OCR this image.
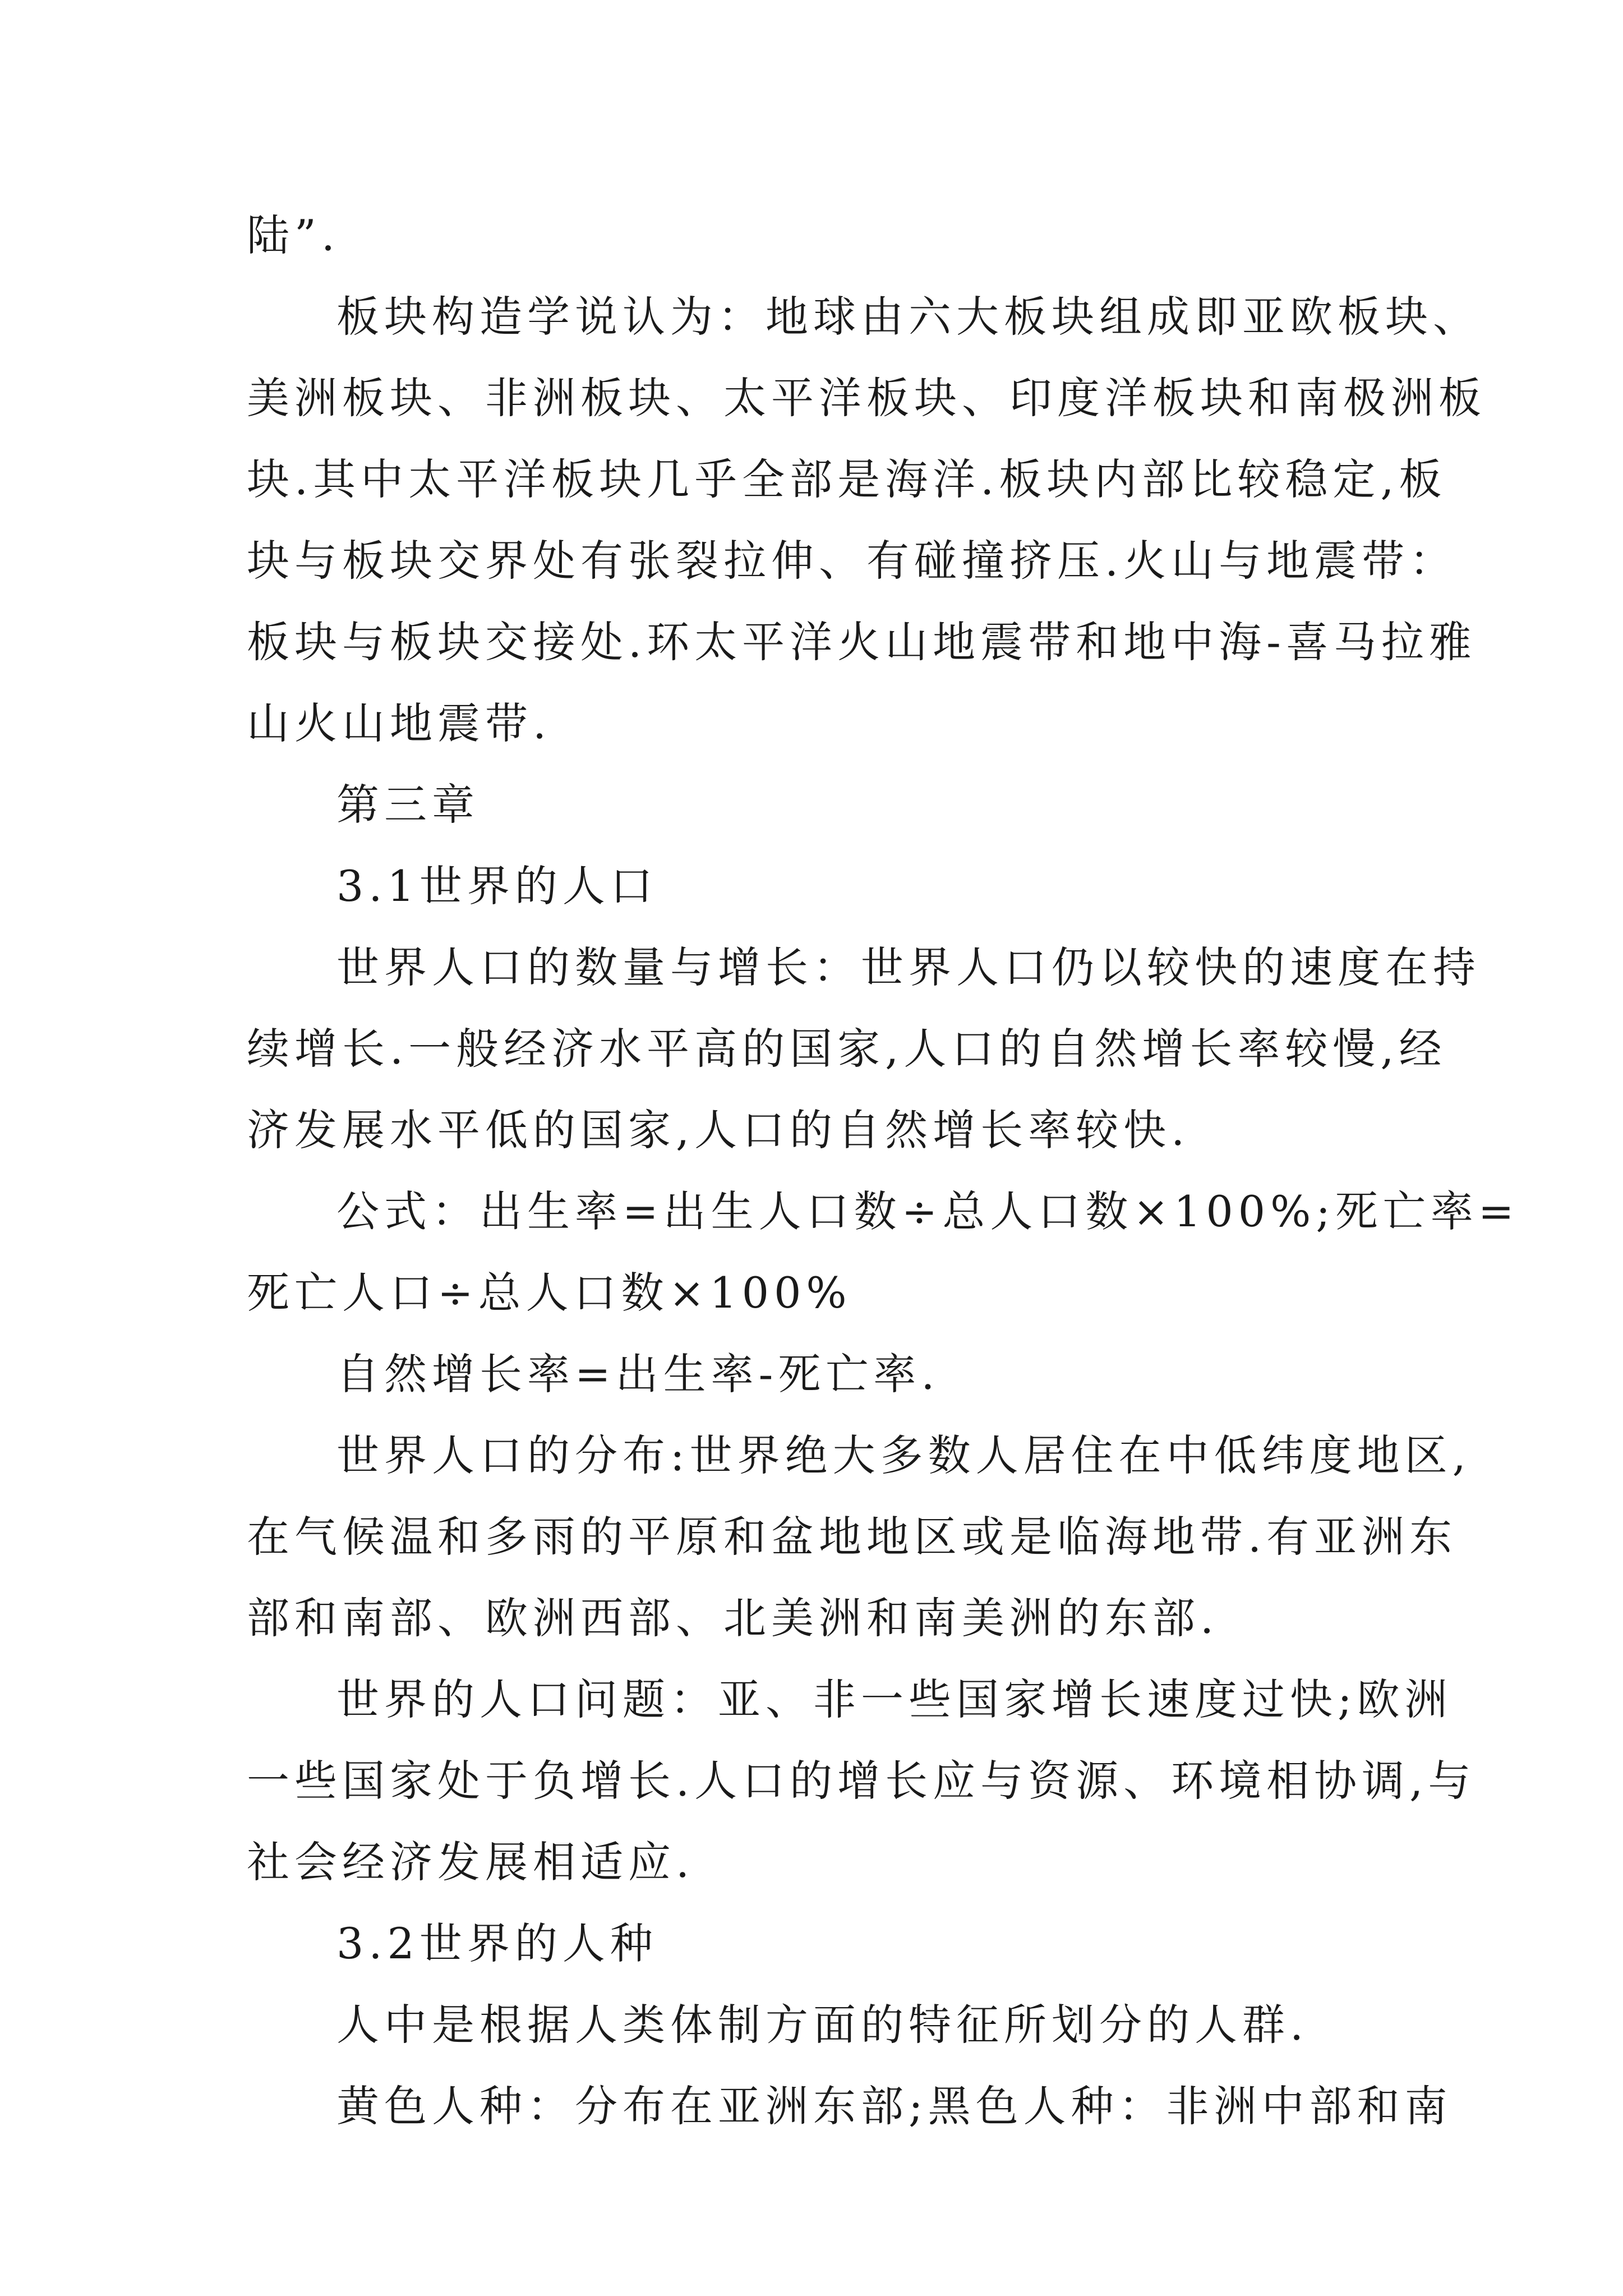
陆”.
板块构造学说认为：地球由六大板块组成即亚欧板块、
美洲板块、非洲板块、太平洋板块、印度洋板块和南极洲板
块.其中太平洋板块几乎全部是海洋.板块内部比较稳定,板
块与板块交界处有张裂拉伸、有碰撞挤压.火山与地震带：
板块与板块交接处.环太平洋火山地震带和地中海-喜马拉雅
山火山地震带.
第三章
3.1世界的人口
世界人口的数量与增长：世界人口仍以较快的速度在持
续增长.一般经济水平高的国家,人口的自然增长率较慢,经
济发展水平低的国家,人口的自然增长率较快.
公式：出生率=出生人口数÷总人口数×100%;死亡率=
死亡人口÷总人口数×100%
自然增长率=出生率-死亡率.
世界人口的分布:世界绝大多数人居住在中低纬度地区,
在气候温和多雨的平原和盆地地区或是临海地带.有亚洲东
部和南部、欧洲西部、北美洲和南美洲的东部.
世界的人口问题：亚、非一些国家增长速度过快;欧洲
一些国家处于负增长.人口的增长应与资源、环境相协调,与
社会经济发展相适应.
3.2世界的人种
人中是根据人类体制方面的特征所划分的人群.
黄色人种：分布在亚洲东部;黑色人种：非洲中部和南
